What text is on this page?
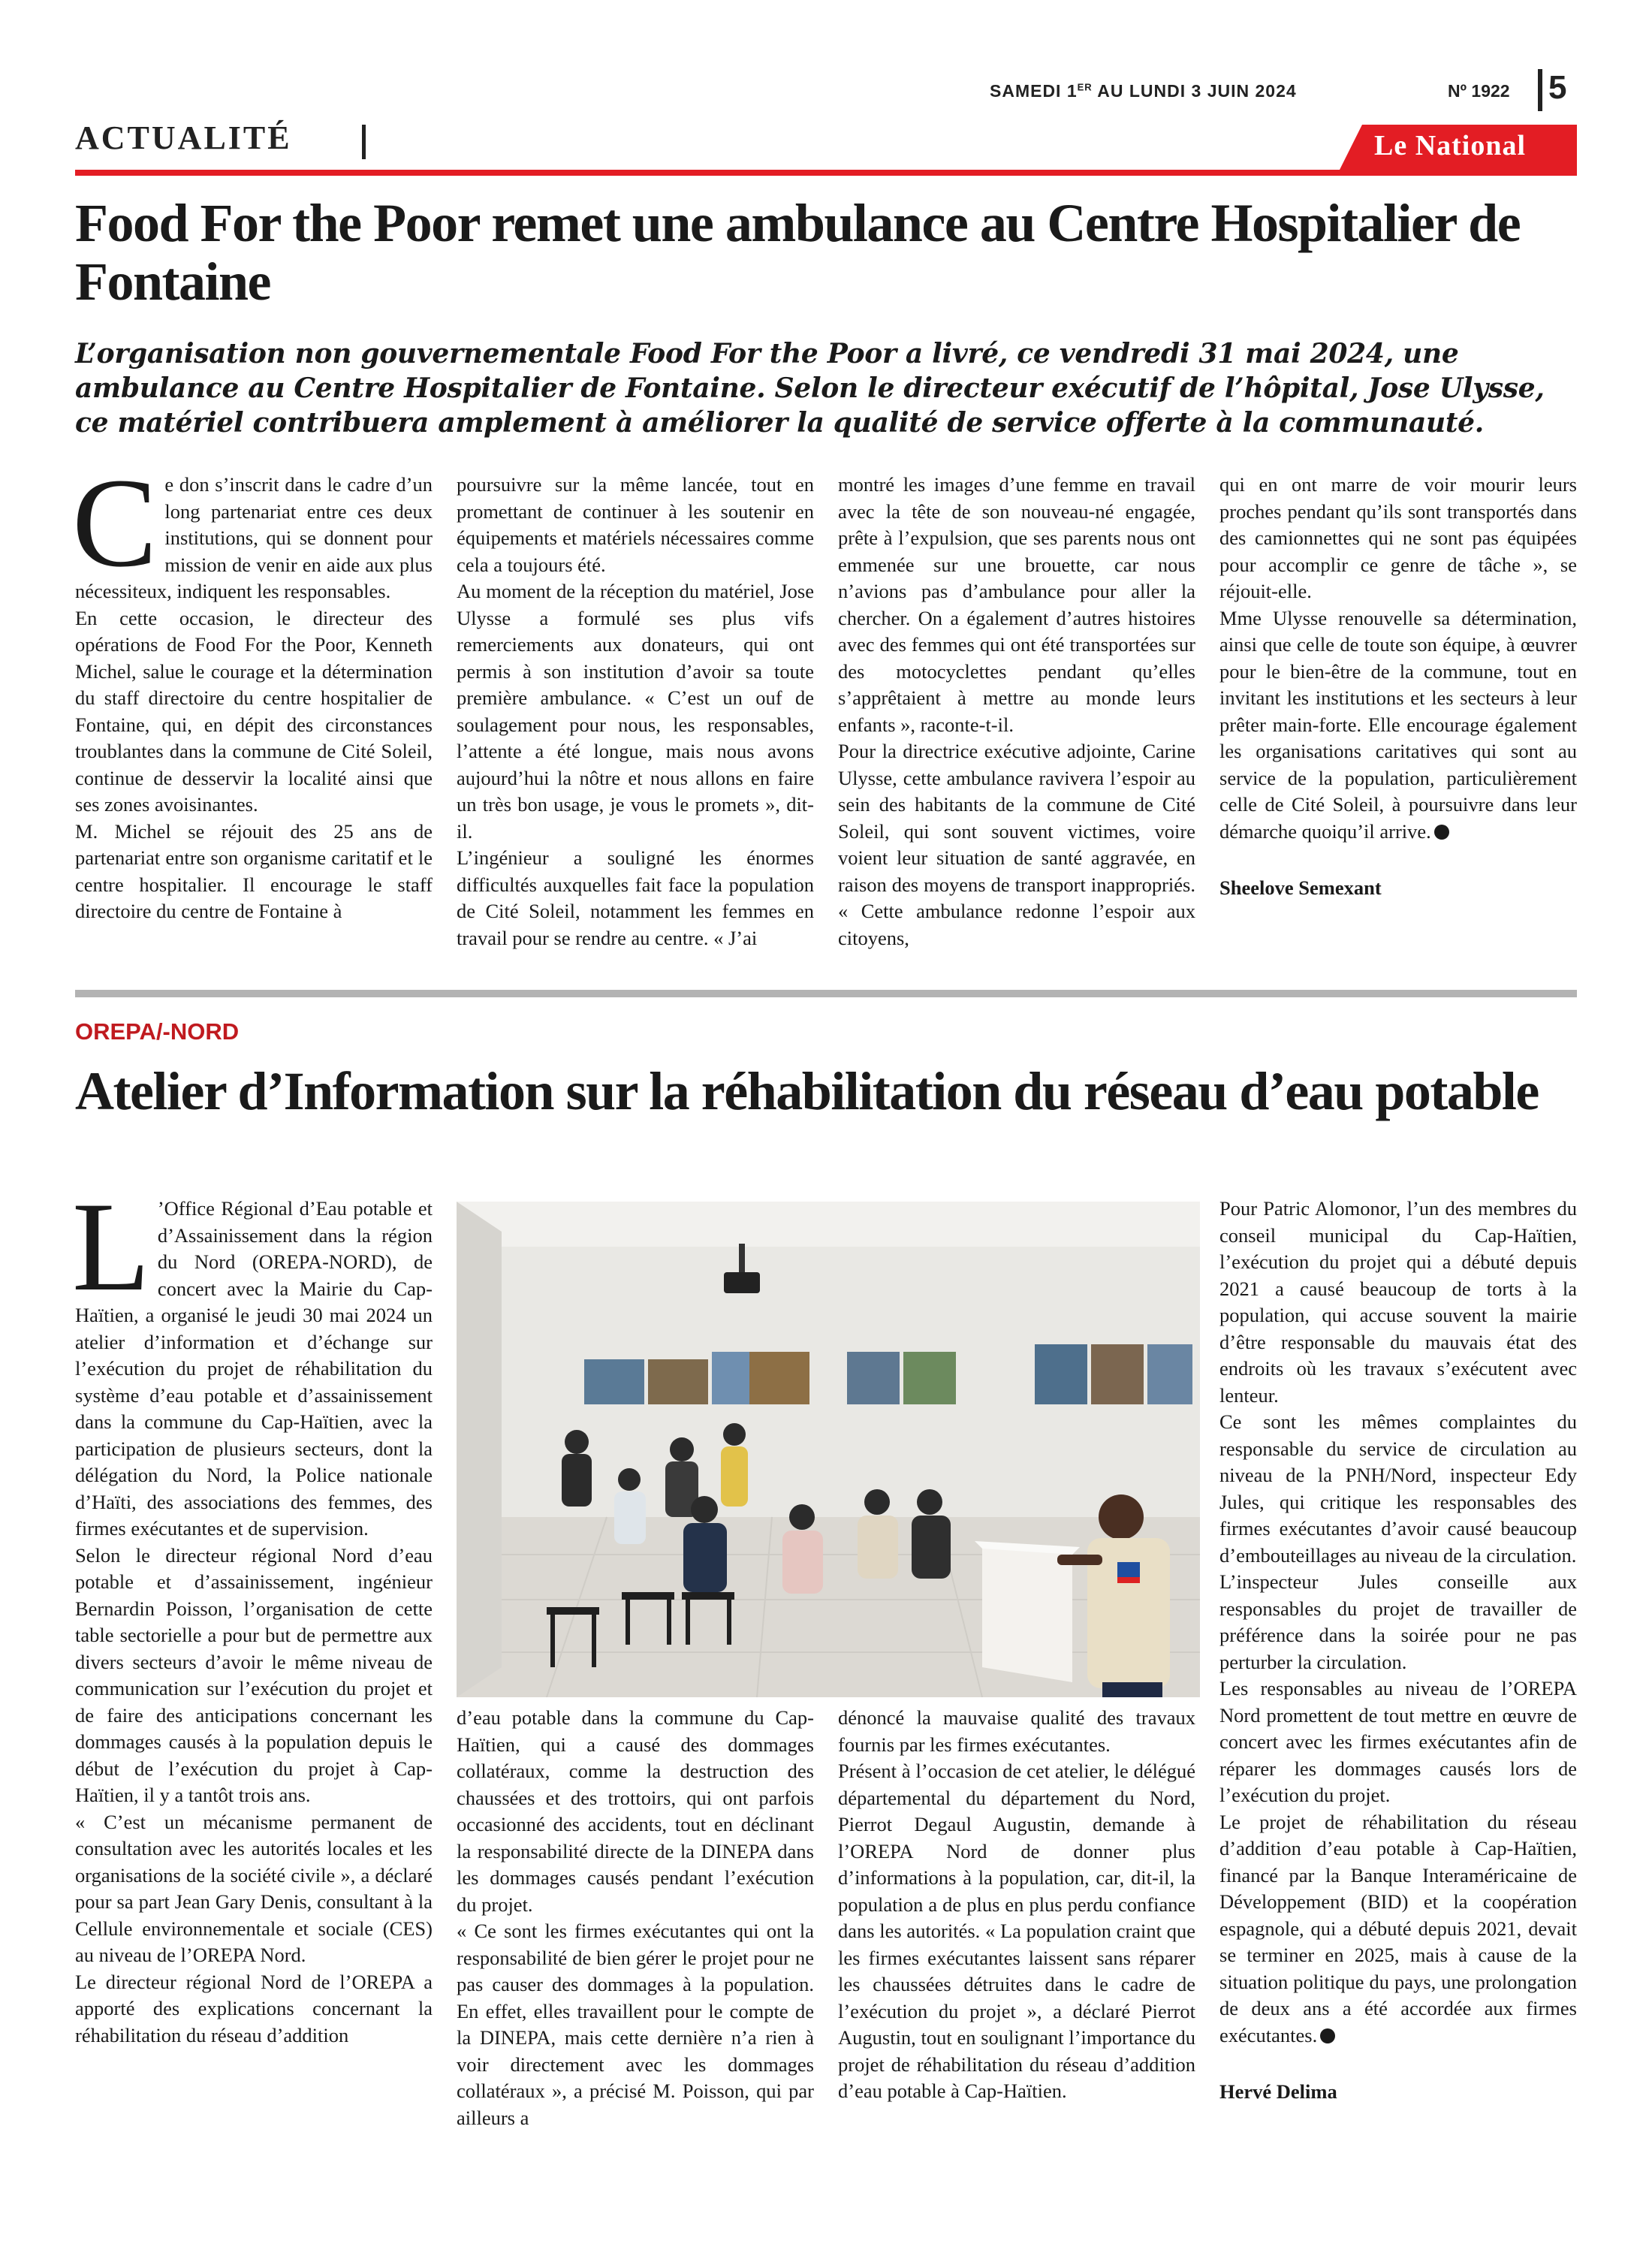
SAMEDI 1ER AU LUNDI 3 JUIN 2024	Nº 1922 5
ACTUALITÉ	Le National
Food For the Poor remet une ambulance au Centre Hospitalier de Fontaine
L’organisation non gouvernementale Food For the Poor a livré, ce vendredi 31 mai 2024, une ambulance au Centre Hospitalier de Fontaine. Selon le directeur exécutif de l’hôpital, Jose Ulysse, ce matériel contribuera amplement à améliorer la qualité de service offerte à la communauté.
C e don s’inscrit dans le cadre d’un long partenariat entre ces deux institutions, qui se donnent pour mission de venir en aide aux plus nécessiteux, indiquent les responsables.

En cette occasion, le directeur des opérations de Food For the Poor, Kenneth Michel, salue le courage et la détermination du staff directoire du centre hospitalier de Fontaine, qui, en dépit des circonstances troublantes dans la commune de Cité Soleil, continue de desservir la localité ainsi que ses zones avoisinantes.

M. Michel se réjouit des 25 ans de partenariat entre son organisme caritatif et le centre hospitalier. Il encourage le staff directoire du centre de Fontaine à

poursuivre sur la même lancée, tout en promettant de continuer à les soutenir en équipements et matériels nécessaires comme cela a toujours été.

Au moment de la réception du matériel, Jose Ulysse a formulé ses plus vifs remerciements aux donateurs, qui ont permis à son institution d’avoir sa toute première ambulance. « C’est un ouf de soulagement pour nous, les responsables, l’attente a été longue, mais nous avons aujourd’hui la nôtre et nous allons en faire un très bon usage, je vous le promets », dit-il.

L’ingénieur a souligné les énormes difficultés auxquelles fait face la population de Cité Soleil, notamment les femmes en travail pour se rendre au centre. « J’ai

montré les images d’une femme en travail avec la tête de son nouveau-né engagée, prête à l’expulsion, que ses parents nous ont emmenée sur une brouette, car nous n’avions pas d’ambulance pour aller la chercher. On a également d’autres histoires avec des femmes qui ont été transportées sur des motocyclettes pendant qu’elles s’apprêtaient à mettre au monde leurs enfants », raconte-t-il.

Pour la directrice exécutive adjointe, Carine Ulysse, cette ambulance ravivera l’espoir au sein des habitants de la commune de Cité Soleil, qui sont souvent victimes, voire voient leur situation de santé aggravée, en raison des moyens de transport inappropriés. « Cette ambulance redonne l’espoir aux citoyens,

qui en ont marre de voir mourir leurs proches pendant qu’ils sont transportés dans des camionnettes qui ne sont pas équipées pour accomplir ce genre de tâche », se réjouit-elle.

Mme Ulysse renouvelle sa détermination, ainsi que celle de toute son équipe, à œuvrer pour le bien-être de la commune, tout en invitant les institutions et les secteurs à leur prêter main-forte. Elle encourage également les organisations caritatives qui sont au service de la population, particulièrement celle de Cité Soleil, à poursuivre dans leur démarche quoiqu’il arrive.

Sheelove Semexant

OREPA/-NORD
Atelier d’Information sur la réhabilitation du réseau d’eau potable
L ’Office Régional d’Eau potable et d’Assainissement dans la région du Nord (OREPA-NORD), de concert avec la Mairie du Cap-Haïtien, a organisé le jeudi 30 mai 2024 un atelier d’information et d’échange sur l’exécution du projet de réhabilitation du système d’eau potable et d’assainissement dans la commune du Cap-Haïtien, avec la participation de plusieurs secteurs, dont la délégation du Nord, la Police nationale d’Haïti, des associations des femmes, des firmes exécutantes et de supervision.

Selon le directeur régional Nord d’eau potable et d’assainissement, ingénieur Bernardin Poisson, l’organisation de cette table sectorielle a pour but de permettre aux divers secteurs d’avoir le même niveau de communication sur l’exécution du projet et de faire des anticipations concernant les dommages causés à la population depuis le début de l’exécution du projet à Cap-Haïtien, il y a tantôt trois ans.

« C’est un mécanisme permanent de consultation avec les autorités locales et les organisations de la société civile », a déclaré pour sa part Jean Gary Denis, consultant à la Cellule environnementale et sociale (CES) au niveau de l’OREPA Nord.

Le directeur régional Nord de l’OREPA a apporté des explications concernant la réhabilitation du réseau d’addition

d’eau potable dans la commune du Cap-Haïtien, qui a causé des dommages collatéraux, comme la destruction des chaussées et des trottoirs, qui ont parfois occasionné des accidents, tout en déclinant la responsabilité directe de la DINEPA dans les dommages causés pendant l’exécution du projet.

« Ce sont les firmes exécutantes qui ont la responsabilité de bien gérer le projet pour ne pas causer des dommages à la population. En effet, elles travaillent pour le compte de la DINEPA, mais cette dernière n’a rien à voir directement avec les dommages collatéraux », a précisé M. Poisson, qui par ailleurs a

dénoncé la mauvaise qualité des travaux fournis par les firmes exécutantes.

Présent à l’occasion de cet atelier, le délégué départemental du département du Nord, Pierrot Degaul Augustin, demande à l’OREPA Nord de donner plus d’informations à la population, car, dit-il, la population a de plus en plus perdu confiance dans les autorités. « La population craint que les firmes exécutantes laissent sans réparer les chaussées détruites dans le cadre de l’exécution du projet », a déclaré Pierrot Augustin, tout en soulignant l’importance du projet de réhabilitation du réseau d’addition d’eau potable à Cap-Haïtien.

Pour Patric Alomonor, l’un des membres du conseil municipal du Cap-Haïtien, l’exécution du projet qui a débuté depuis 2021 a causé beaucoup de torts à la population, qui accuse souvent la mairie d’être responsable du mauvais état des endroits où les travaux s’exécutent avec lenteur.

Ce sont les mêmes complaintes du responsable du service de circulation au niveau de la PNH/Nord, inspecteur Edy Jules, qui critique les responsables des firmes exécutantes d’avoir causé beaucoup d’embouteillages au niveau de la circulation.

L’inspecteur Jules conseille aux responsables du projet de travailler de préférence dans la soirée pour ne pas perturber la circulation.

Les responsables au niveau de l’OREPA Nord promettent de tout mettre en œuvre de concert avec les firmes exécutantes afin de réparer les dommages causés lors de l’exécution du projet.

Le projet de réhabilitation du réseau d’addition d’eau potable à Cap-Haïtien, financé par la Banque Interaméricaine de Développement (BID) et la coopération espagnole, qui a débuté depuis 2021, devait se terminer en 2025, mais à cause de la situation politique du pays, une prolongation de deux ans a été accordée aux firmes exécutantes.

Hervé Delima
